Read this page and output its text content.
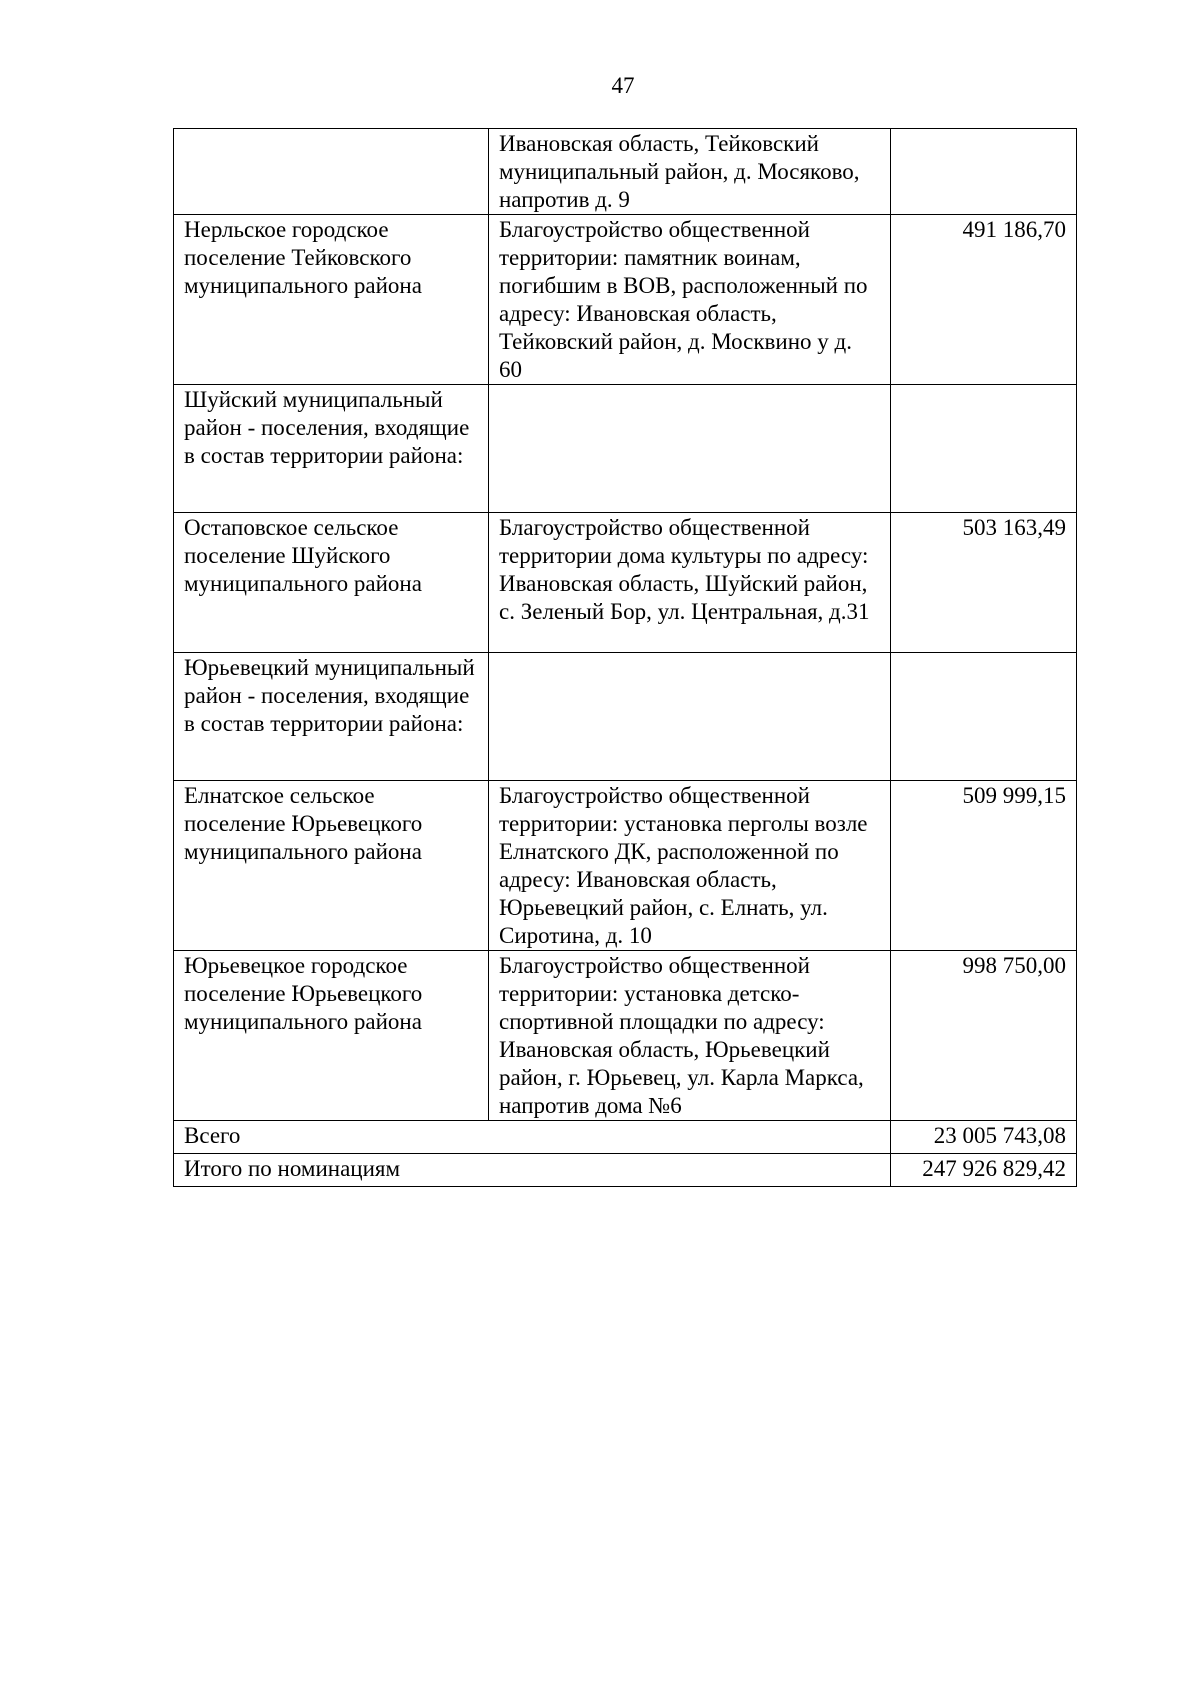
47
	Ивановская область, Тейковский муниципальный район, д. Мосяково, напротив д. 9	
Нерльское городское поселение Тейковского муниципального района	Благоустройство общественной территории: памятник воинам, погибшим в ВОВ, расположенный по адресу: Ивановская область, Тейковский район, д. Москвино у д. 60	491 186,70
Шуйский муниципальный район - поселения, входящие в состав территории района:		
Остаповское сельское поселение Шуйского муниципального района	Благоустройство общественной территории дома культуры по адресу: Ивановская область, Шуйский район, с. Зеленый Бор, ул. Центральная, д.31	503 163,49
Юрьевецкий муниципальный район - поселения, входящие в состав территории района:		
Елнатское сельское поселение Юрьевецкого муниципального района	Благоустройство общественной территории: установка перголы возле Елнатского ДК, расположенной по адресу: Ивановская область, Юрьевецкий район, с. Елнать, ул. Сиротина, д. 10	509 999,15
Юрьевецкое городское поселение Юрьевецкого муниципального района	Благоустройство общественной территории: установка детско-спортивной площадки по адресу: Ивановская область, Юрьевецкий район, г. Юрьевец, ул. Карла Маркса, напротив дома №6	998 750,00
Всего		23 005 743,08
Итого по номинациям		247 926 829,42
